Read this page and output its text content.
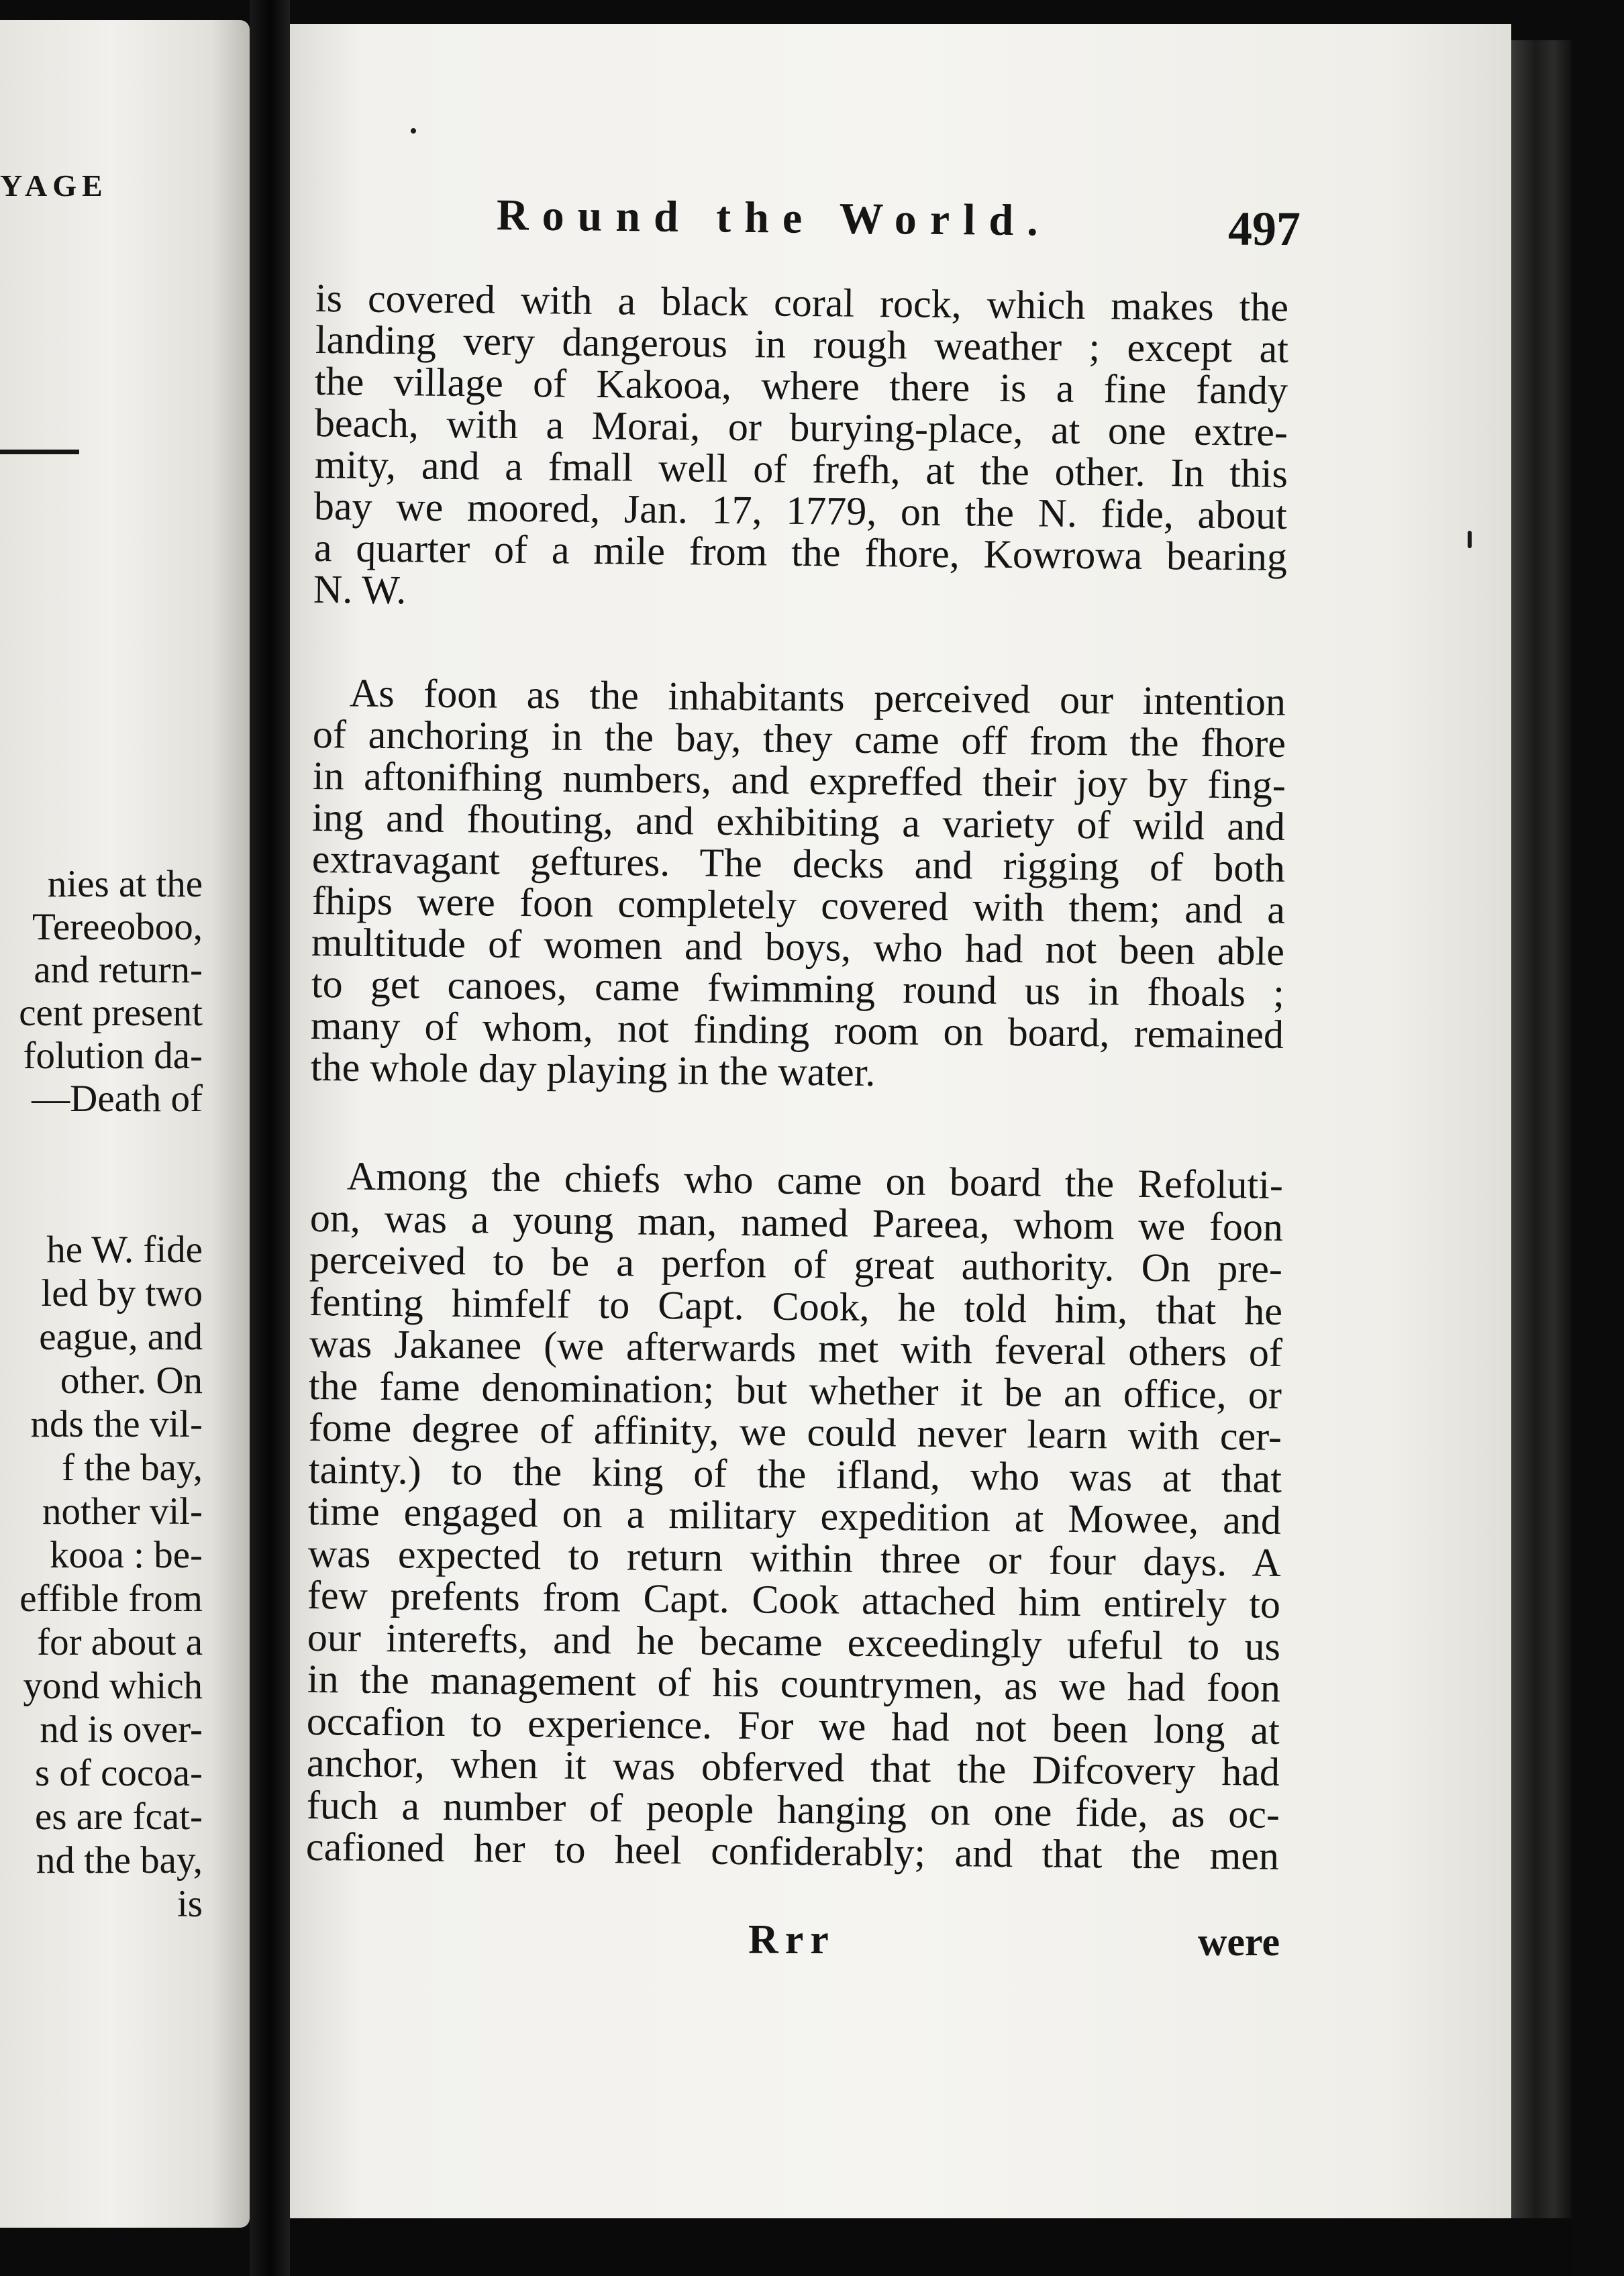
YAGE
nies at the
Tereeoboo,
and return-
cent present
folution da-
—Death of
he W. fide
led by two
eague, and
other. On
nds the vil-
f the bay,
nother vil-
kooa : be-
effible from
for about a
yond which
nd is over-
s of cocoa-
es are fcat-
nd the bay,
is
Round the World.	497
is covered with a black coral rock, which makes the
landing very dangerous in rough weather ; except at
the village of Kakooa, where there is a fine fandy
beach, with a Morai, or burying-place, at one extre-
mity, and a fmall well of frefh, at the other. In this
bay we moored, Jan. 17, 1779, on the N. fide, about
a quarter of a mile from the fhore, Kowrowa bearing
N. W.
As foon as the inhabitants perceived our intention
of anchoring in the bay, they came off from the fhore
in aftonifhing numbers, and expreffed their joy by fing-
ing and fhouting, and exhibiting a variety of wild and
extravagant geftures. The decks and rigging of both
fhips were foon completely covered with them; and a
multitude of women and boys, who had not been able
to get canoes, came fwimming round us in fhoals ;
many of whom, not finding room on board, remained
the whole day playing in the water.
Among the chiefs who came on board the Refoluti-
on, was a young man, named Pareea, whom we foon
perceived to be a perfon of great authority. On pre-
fenting himfelf to Capt. Cook, he told him, that he
was Jakanee (we afterwards met with feveral others of
the fame denomination; but whether it be an office, or
fome degree of affinity, we could never learn with cer-
tainty.) to the king of the ifland, who was at that
time engaged on a military expedition at Mowee, and
was expected to return within three or four days. A
few prefents from Capt. Cook attached him entirely to
our interefts, and he became exceedingly ufeful to us
in the management of his countrymen, as we had foon
occafion to experience. For we had not been long at
anchor, when it was obferved that the Difcovery had
fuch a number of people hanging on one fide, as oc-
cafioned her to heel confiderably; and that the men
Rrr	were
